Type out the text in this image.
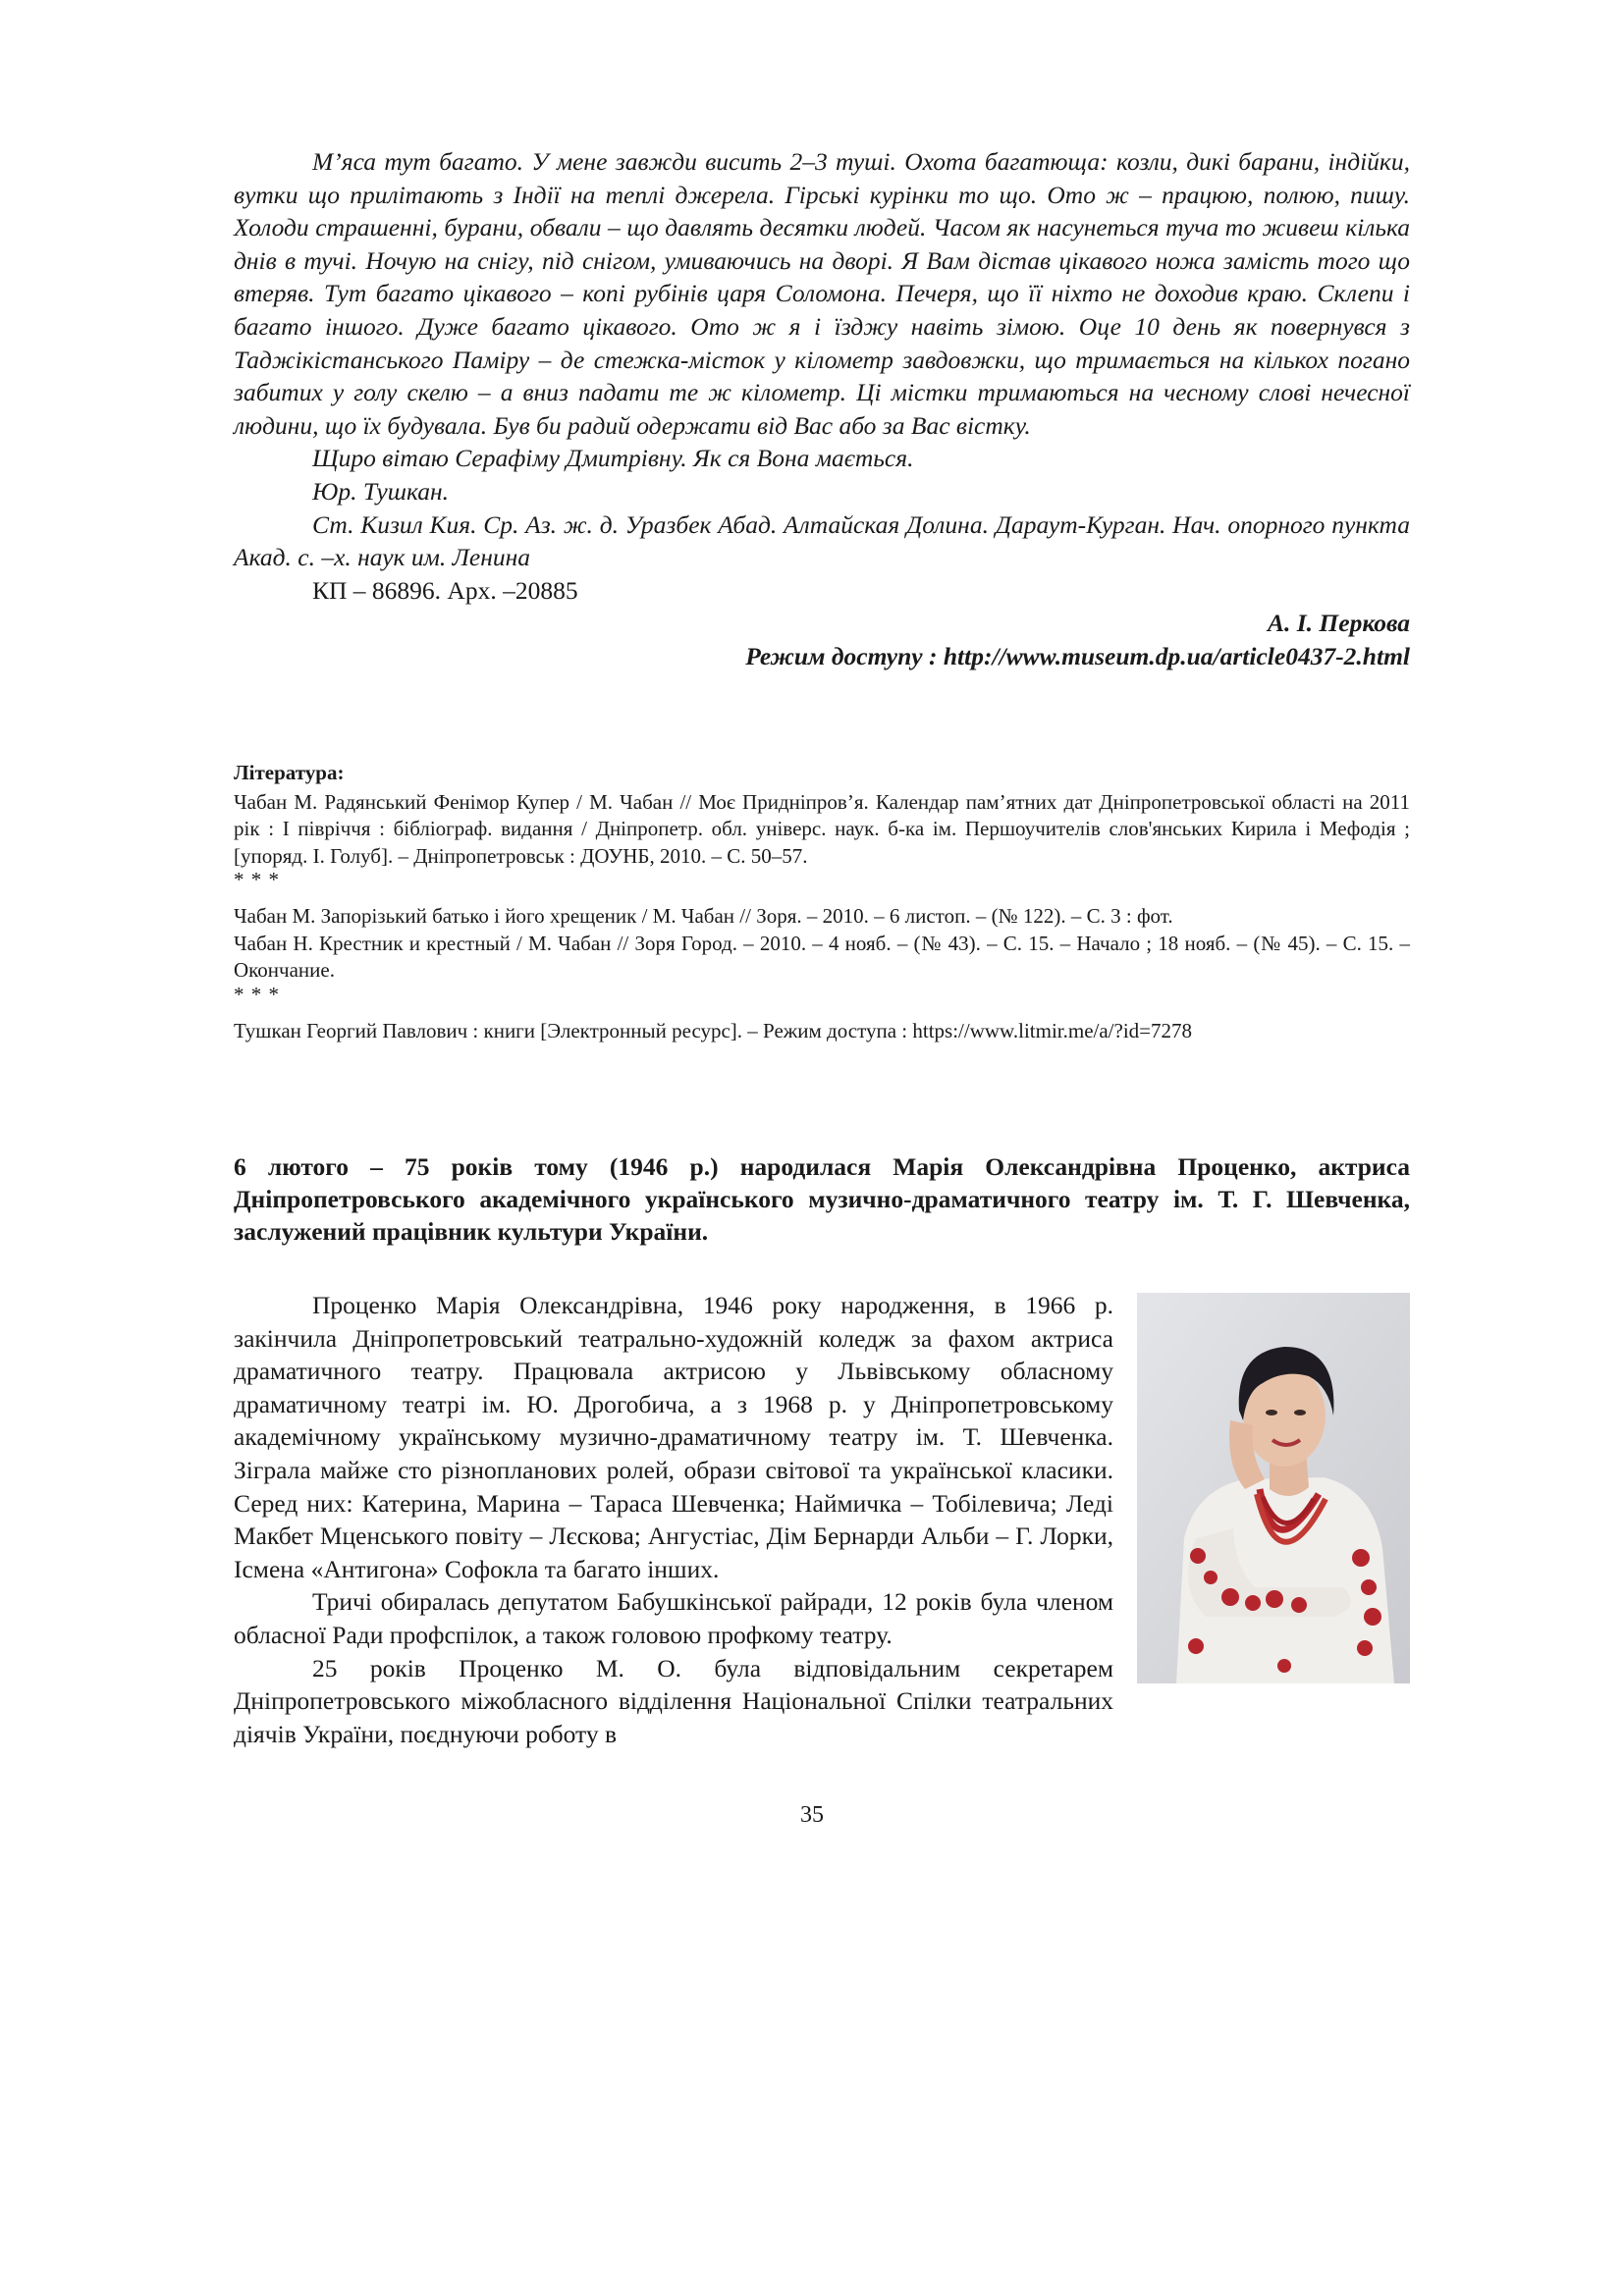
М’яса тут багато. У мене завжди висить 2–3 туші. Охота багатюща: козли, дикі барани, індійки, вутки що прилітають з Індії на теплі джерела. Гірські курінки то що. Ото ж – працюю, полюю, пишу. Холоди страшенні, бурани, обвали – що давлять десятки людей. Часом як насунеться туча то живеш кілька днів в тучі. Ночую на снігу, під снігом, умиваючись на дворі. Я Вам дістав цікавого ножа замість того що втеряв. Тут багато цікавого – копі рубінів царя Соломона. Печеря, що її ніхто не доходив краю. Склепи і багато іншого. Дуже багато цікавого. Ото ж я і їзджу навіть зімою. Оце 10 день як повернувся з Таджікістанського Паміру – де стежка-місток у кілометр завдовжки, що тримається на кількох погано забитих у голу скелю – а вниз падати те ж кілометр. Ці містки тримаються на чесному слові нечесної людини, що їх будувала. Був би радий одержати від Вас або за Вас вістку.

Щиро вітаю Серафіму Дмитрівну. Як ся Вона мається.

Юр. Тушкан.

Ст. Кизил Кия. Ср. Аз. ж. д. Уразбек Абад. Алтайская Долина. Дараут-Курган. Нач. опорного пункта Акад. с. –х. наук им. Ленина

КП – 86896. Арх. –20885

А. І. Перкова

Режим доступу : http://www.museum.dp.ua/article0437-2.html

Література:

Чабан М. Радянський Фенімор Купер / М. Чабан // Моє Придніпров’я. Календар пам’ятних дат Дніпропетровської області на 2011 рік : І півріччя : бібліограф. видання / Дніпропетр. обл. універс. наук. б-ка ім. Першоучителів слов'янських Кирила і Мефодія ; [упоряд. І. Голуб]. – Дніпропетровськ : ДОУНБ, 2010. – С. 50–57.

* * *

Чабан М. Запорізький батько і його хрещеник / М. Чабан // Зоря. – 2010. – 6 листоп. – (№ 122). – С. 3 : фот.

Чабан Н. Крестник и крестный / М. Чабан // Зоря Город. – 2010. – 4 нояб. – (№ 43). – С. 15. – Начало ; 18 нояб. – (№ 45). – С. 15. – Окончание.

* * *

Тушкан Георгий Павлович : книги [Электронный ресурс]. – Режим доступа : https://www.litmir.me/a/?id=7278

6 лютого – 75 років тому (1946 р.) народилася Марія Олександрівна Проценко, актриса Дніпропетровського академічного українського музично-драматичного театру ім. Т. Г. Шевченка, заслужений працівник культури України.

Проценко Марія Олександрівна, 1946 року народження, в 1966 р. закінчила Дніпропетровський театрально-художній коледж за фахом актриса драматичного театру. Працювала актрисою у Львівському обласному драматичному театрі ім. Ю. Дрогобича, а з 1968 р. у Дніпропетровському академічному українському музично-драматичному театру ім. Т. Шевченка. Зіграла майже сто різнопланових ролей, образи світової та української класики. Серед них: Катерина, Марина – Тараса Шевченка; Наймичка – Тобілевича; Леді Макбет Мценського повіту – Лєскова; Ангустіас, Дім Бернарди Альби – Г. Лорки, Ісмена «Антигона» Софокла та багато інших.

Тричі обиралась депутатом Бабушкінської райради, 12 років була членом обласної Ради профспілок, а також головою профкому театру.

25 років Проценко М. О. була відповідальним секретарем Дніпропетровського міжобласного відділення Національної Спілки театральних діячів України, поєднуючи роботу в

35
